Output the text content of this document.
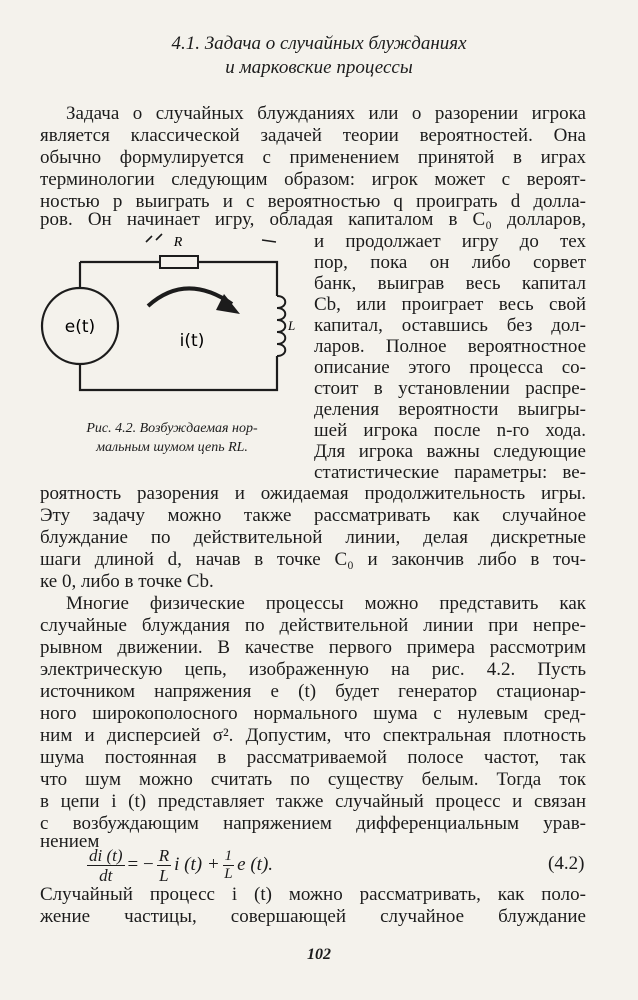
4.1. Задача о случайных блужданиях
и марковские процессы
Задача о случайных блужданиях или о разорении игрока
является классической задачей теории вероятностей. Она
обычно формулируется с применением принятой в играх
терминологии следующим образом: игрок может с вероят-
ностью p выиграть и с вероятностью q проиграть d долла-
ров. Он начинает игру, обладая капиталом в C₀ долларов,
и продолжает игру до тех
пор, пока он либо сорвет
банк, выиграв весь капитал
Cb, или проиграет весь свой
капитал, оставшись без дол-
ларов. Полное вероятностное
описание этого процесса со-
стоит в установлении распре-
деления вероятности выигры-
шей игрока после n-го хода.
Для игрока важны следующие
статистические параметры: ве-
R
L
e(t)
i(t)
Рис. 4.2. Возбуждаемая нор-
мальным шумом цепь RL.
роятность разорения и ожидаемая продолжительность игры.
Эту задачу можно также рассматривать как случайное
блуждание по действительной линии, делая дискретные
шаги длиной d, начав в точке C₀ и закончив либо в точ-
ке 0, либо в точке Cb.
Многие физические процессы можно представить как
случайные блуждания по действительной линии при непре-
рывном движении. В качестве первого примера рассмотрим
электрическую цепь, изображенную на рис. 4.2. Пусть
источником напряжения e (t) будет генератор стационар-
ного широкополосного нормального шума с нулевым сред-
ним и дисперсией σ². Допустим, что спектральная плотность
шума постоянная в рассматриваемой полосе частот, так
что шум можно считать по существу белым. Тогда ток
в цепи i (t) представляет также случайный процесс и связан
с возбуждающим напряжением дифференциальным урав-
нением
$\frac{di (t)}{dt}$ = − $\frac{R}{L}$ i $(t) + \frac{1}{L}$ e (t).	(4.2)
Случайный процесс i (t) можно рассматривать, как поло-
жение частицы, совершающей случайное блуждание
102
